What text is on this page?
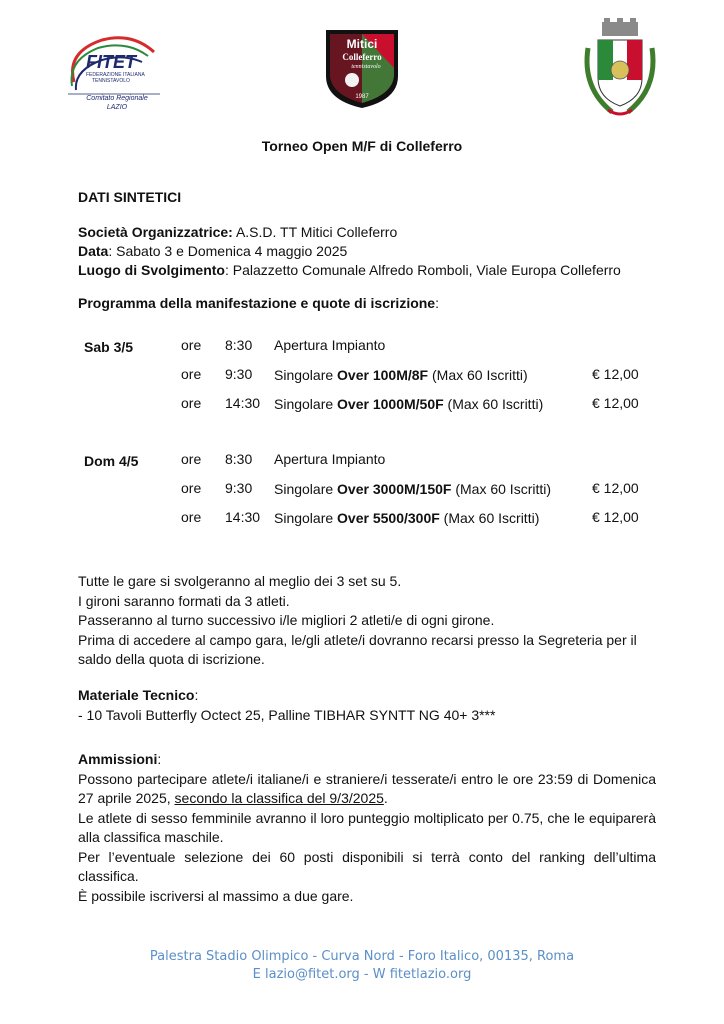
FITET
FEDERAZIONE ITALIANA
TENNISTAVOLO
Comitato Regionale
LAZIO
Mitici
Colleferro
tennistavolo
1987
Torneo Open M/F di Colleferro
DATI SINTETICI
Società Organizzatrice: A.S.D. TT Mitici Colleferro
Data: Sabato 3 e Domenica 4 maggio 2025
Luogo di Svolgimento: Palazzetto Comunale Alfredo Romboli, Viale Europa Colleferro
Programma della manifestazione e quote di iscrizione:
Sab 3/5	ore 8:30 Apertura Impianto
ore 9:30 Singolare Over 100M/8F (Max 60 Iscritti)	€ 12,00
ore 14:30 Singolare Over 1000M/50F (Max 60 Iscritti)	€ 12,00
Dom 4/5	ore 8:30 Apertura Impianto
ore 9:30 Singolare Over 3000M/150F (Max 60 Iscritti)	€ 12,00
ore 14:30 Singolare Over 5500/300F (Max 60 Iscritti)	€ 12,00
Tutte le gare si svolgeranno al meglio dei 3 set su 5.
I gironi saranno formati da 3 atleti.
Passeranno al turno successivo i/le migliori 2 atleti/e di ogni girone.
Prima di accedere al campo gara, le/gli atlete/i dovranno recarsi presso la Segreteria per il saldo della quota di iscrizione.
Materiale Tecnico:
- 10 Tavoli Butterfly Octect 25, Palline TIBHAR SYNTT NG 40+ 3***
Ammissioni:
Possono partecipare atlete/i italiane/i e straniere/i tesserate/i entro le ore 23:59 di Domenica 27 aprile 2025, secondo la classifica del 9/3/2025.
Le atlete di sesso femminile avranno il loro punteggio moltiplicato per 0.75, che le equiparerà alla classifica maschile.
Per l’eventuale selezione dei 60 posti disponibili si terrà conto del ranking dell’ultima classifica.
È possibile iscriversi al massimo a due gare.
Palestra Stadio Olimpico - Curva Nord - Foro Italico, 00135, Roma
E lazio@fitet.org - W fitetlazio.org
